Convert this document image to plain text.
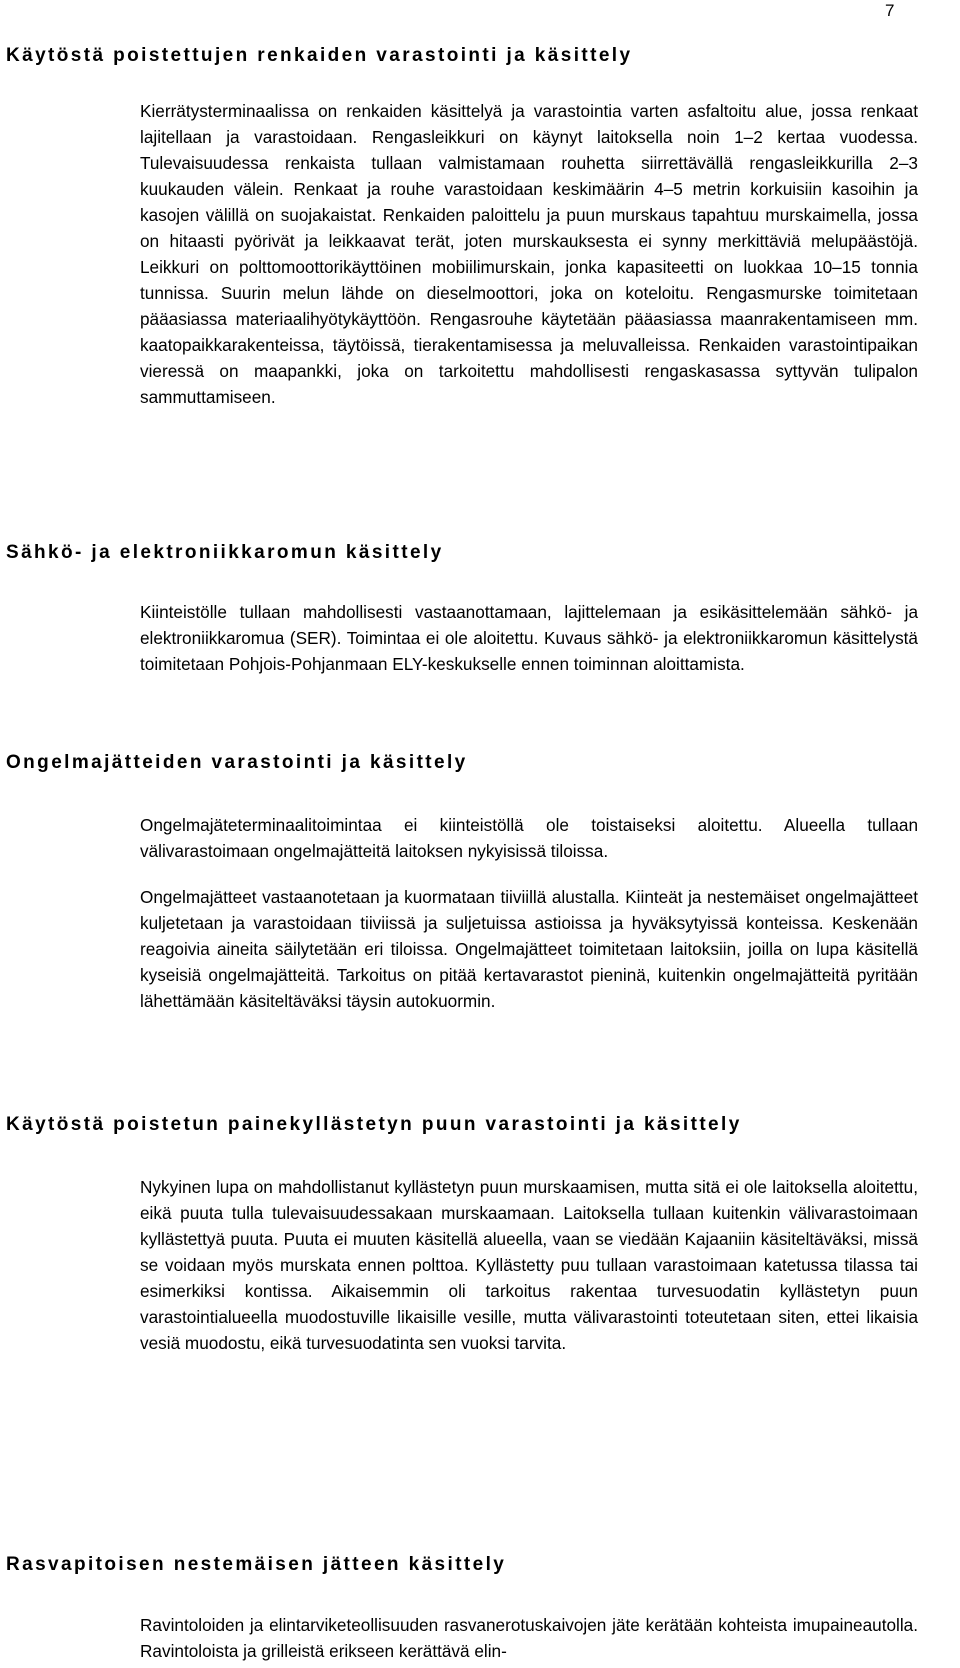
7
Käytöstä poistettujen renkaiden varastointi ja käsittely

Kierrätysterminaalissa on renkaiden käsittelyä ja varastointia varten asfaltoitu alue, jossa renkaat lajitellaan ja varastoidaan. Rengasleikkuri on käynyt laitoksella noin 1–2 kertaa vuodessa. Tulevaisuudessa renkaista tullaan valmistamaan rouhetta siirrettävällä rengasleikkurilla 2–3 kuukauden välein. Renkaat ja rouhe varastoidaan keskimäärin 4–5 metrin korkuisiin kasoihin ja kasojen välillä on suojakaistat. Renkaiden paloittelu ja puun murskaus tapahtuu murskaimella, jossa on hitaasti pyörivät ja leikkaavat terät, joten murskauksesta ei synny merkittäviä melupäästöjä. Leikkuri on polttomoottorikäyttöinen mobiilimurskain, jonka kapasiteetti on luokkaa 10–15 tonnia tunnissa. Suurin melun lähde on dieselmoottori, joka on koteloitu. Rengasmurske toimitetaan pääasiassa materiaalihyötykäyttöön. Rengasrouhe käytetään pääasiassa maanrakentamiseen mm. kaatopaikkarakenteissa, täytöissä, tierakentamisessa ja meluvalleissa. Renkaiden varastointipaikan vieressä on maapankki, joka on tarkoitettu mahdollisesti rengaskasassa syttyvän tulipalon sammuttamiseen.

Sähkö- ja elektroniikkaromun käsittely

Kiinteistölle tullaan mahdollisesti vastaanottamaan, lajittelemaan ja esikäsittelemään sähkö- ja elektroniikkaromua (SER). Toimintaa ei ole aloitettu. Kuvaus sähkö- ja elektroniikkaromun käsittelystä toimitetaan Pohjois-Pohjanmaan ELY-keskukselle ennen toiminnan aloittamista.

Ongelmajätteiden varastointi ja käsittely

Ongelmajäteterminaalitoimintaa ei kiinteistöllä ole toistaiseksi aloitettu. Alueella tullaan välivarastoimaan ongelmajätteitä laitoksen nykyisissä tiloissa.

Ongelmajätteet vastaanotetaan ja kuormataan tiiviillä alustalla. Kiinteät ja nestemäiset ongelmajätteet kuljetetaan ja varastoidaan tiiviissä ja suljetuissa astioissa ja hyväksytyissä konteissa. Keskenään reagoivia aineita säilytetään eri tiloissa. Ongelmajätteet toimitetaan laitoksiin, joilla on lupa käsitellä kyseisiä ongelmajätteitä. Tarkoitus on pitää kertavarastot pieninä, kuitenkin ongelmajätteitä pyritään lähettämään käsiteltäväksi täysin autokuormin.

Käytöstä poistetun painekyllästetyn puun varastointi ja käsittely

Nykyinen lupa on mahdollistanut kyllästetyn puun murskaamisen, mutta sitä ei ole laitoksella aloitettu, eikä puuta tulla tulevaisuudessakaan murskaamaan. Laitoksella tullaan kuitenkin välivarastoimaan kyllästettyä puuta. Puuta ei muuten käsitellä alueella, vaan se viedään Kajaaniin käsiteltäväksi, missä se voidaan myös murskata ennen polttoa. Kyllästetty puu tullaan varastoimaan katetussa tilassa tai esimerkiksi kontissa. Aikaisemmin oli tarkoitus rakentaa turvesuodatin kyllästetyn puun varastointialueella muodostuville likaisille vesille, mutta välivarastointi toteutetaan siten, ettei likaisia vesiä muodostu, eikä turvesuodatinta sen vuoksi tarvita.

Rasvapitoisen nestemäisen jätteen käsittely

Ravintoloiden ja elintarviketeollisuuden rasvanerotuskaivojen jäte kerätään kohteista imupaineautolla. Ravintoloista ja grilleistä erikseen kerättävä elin-
